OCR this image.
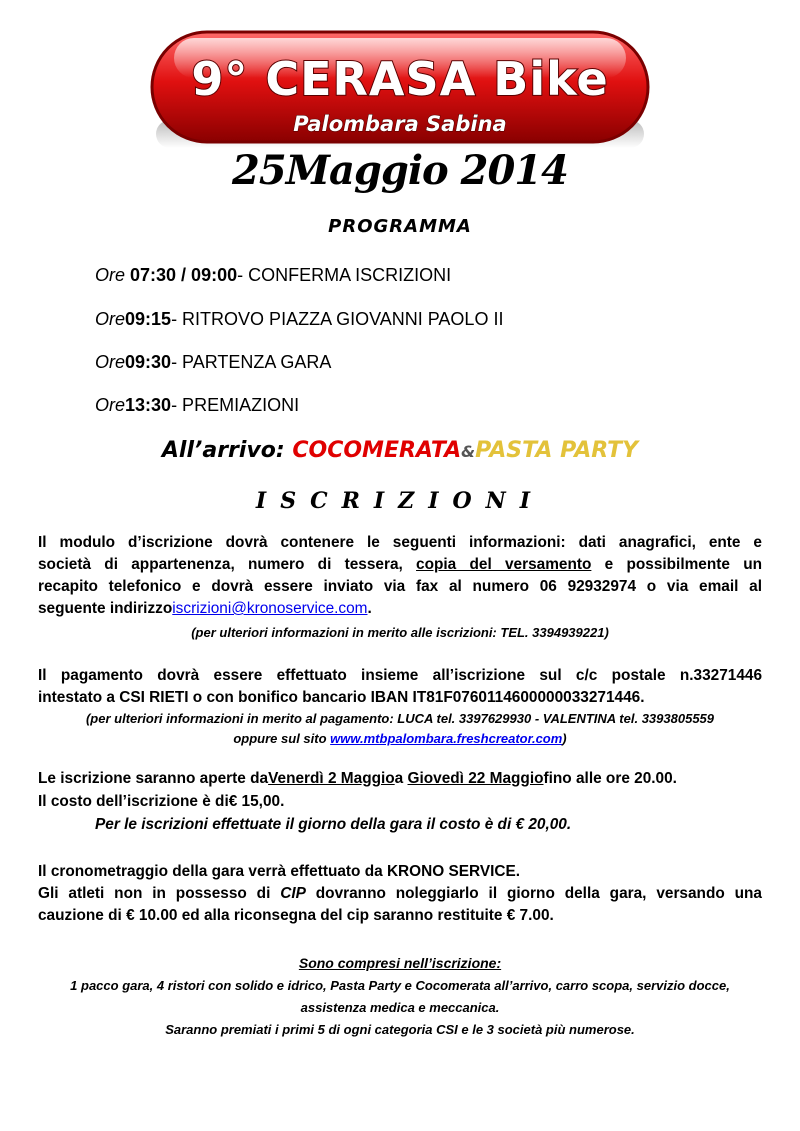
9° CERASA Bike
Palombara Sabina
25Maggio 2014
PROGRAMMA
Ore 07:30 / 09:00- CONFERMA ISCRIZIONI
Ore09:15- RITROVO PIAZZA GIOVANNI PAOLO II
Ore09:30- PARTENZA GARA
Ore13:30- PREMIAZIONI
All’arrivo: COCOMERATA&PASTA PARTY
ISCRIZIONI
Il modulo d’iscrizione dovrà contenere le seguenti informazioni: dati anagrafici, ente e
società di appartenenza, numero di tessera, copia del versamento e possibilmente un
recapito telefonico e dovrà essere inviato via fax al numero 06 92932974 o via email al
seguente indirizzoiscrizioni@kronoservice.com.
(per ulteriori informazioni in merito alle iscrizioni: TEL. 3394939221)
Il pagamento dovrà essere effettuato insieme all’iscrizione sul c/c postale n.33271446
intestato a CSI RIETI o con bonifico bancario IBAN IT81F0760114600000033271446.
(per ulteriori informazioni in merito al pagamento: LUCA tel. 3397629930 - VALENTINA tel. 3393805559
oppure sul sito www.mtbpalombara.freshcreator.com)
Le iscrizione saranno aperte daVenerdì 2 Maggioa Giovedì 22 Maggiofino alle ore 20.00.
Il costo dell’iscrizione è di€ 15,00.
Per le iscrizioni effettuate il giorno della gara il costo è di € 20,00.
Il cronometraggio della gara verrà effettuato da KRONO SERVICE.
Gli atleti non in possesso di CIP dovranno noleggiarlo il giorno della gara, versando una
cauzione di € 10.00 ed alla riconsegna del cip saranno restituite € 7.00.
Sono compresi nell’iscrizione:
1 pacco gara, 4 ristori con solido e idrico, Pasta Party e Cocomerata all’arrivo, carro scopa, servizio docce,
assistenza medica e meccanica.
Saranno premiati i primi 5 di ogni categoria CSI e le 3 società più numerose.
